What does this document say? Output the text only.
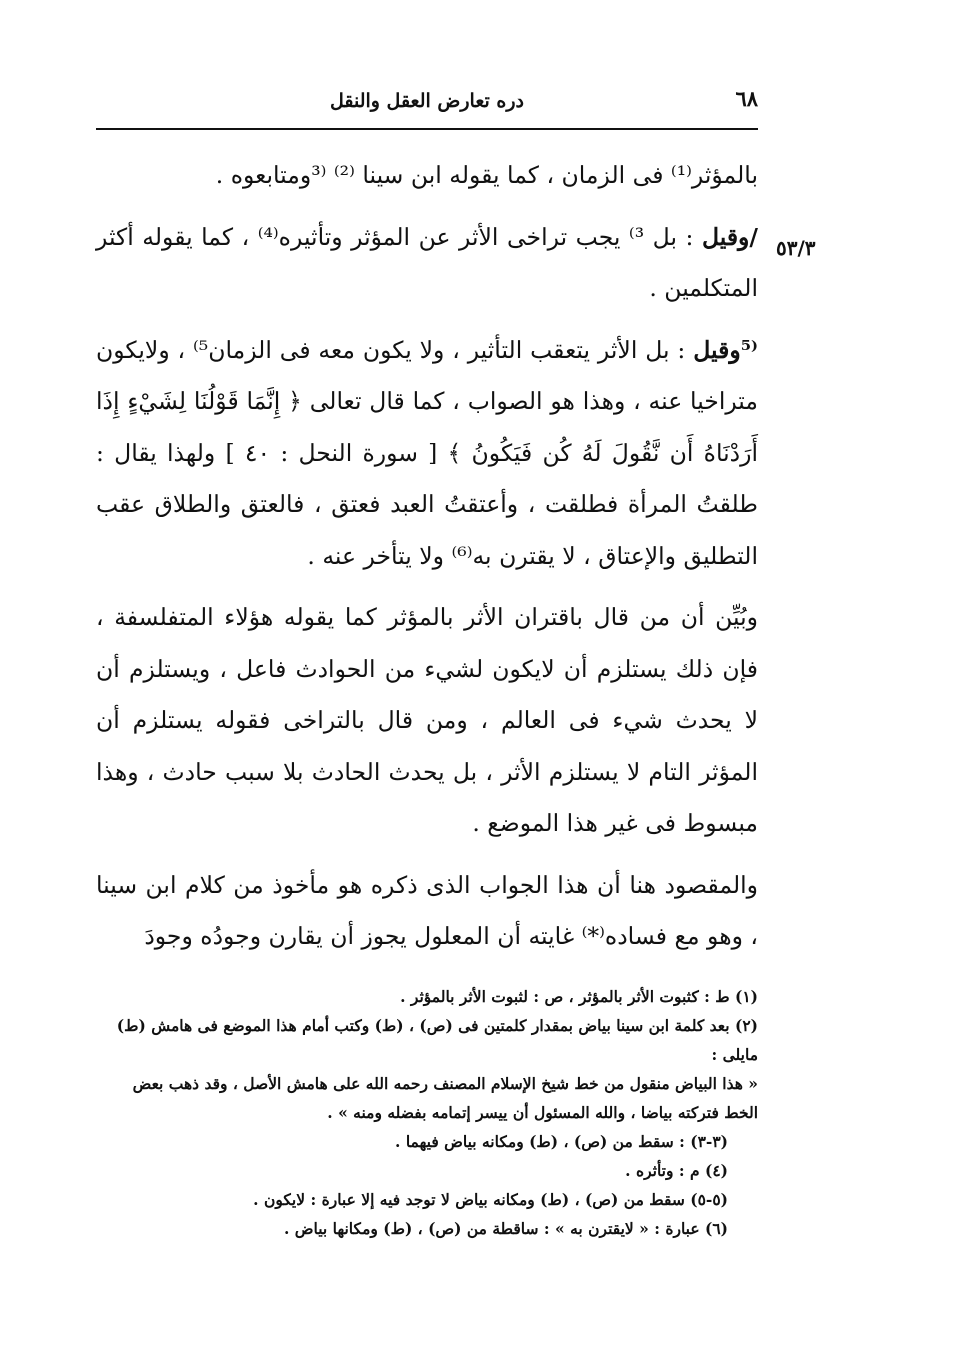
٦٨
دره تعارض العقل والنقل
٥٣/٣

بالمؤثر⁽¹⁾ فى الزمان ، كما يقوله ابن سينا ⁽²⁾ ⁽³ومتابعوه .

/وقيل : بل ³⁾ يجب تراخى الأثر عن المؤثر وتأثيره⁽⁴⁾ ، كما يقوله أكثر المتكلمين .

⁽⁵وقيل : بل الأثر يتعقب التأثير ، ولا يكون معه فى الزمان⁵⁾ ، ولايكون متراخيا عنه ، وهذا هو الصواب ، كما قال تعالى ﴿ إِنَّمَا قَوْلُنَا لِشَيْءٍ إِذَا أَرَدْنَاهُ أَن نَّقُولَ لَهُ كُن فَيَكُونُ ﴾ [ سورة النحل : ٤٠ ] ولهذا يقال : طلقتُ المرأة فطلقت ، وأعتقتُ العبد فعتق ، فالعتق والطلاق عقب التطليق والإعتاق ، لا يقترن به⁽⁶⁾ ولا يتأخر عنه .

وبُيِّن أن من قال باقتران الأثر بالمؤثر كما يقوله هؤلاء المتفلسفة ، فإن ذلك يستلزم أن لايكون لشيء من الحوادث فاعل ، ويستلزم أن لا يحدث شيء فى العالم ، ومن قال بالتراخى فقوله يستلزم أن المؤثر التام لا يستلزم الأثر ، بل يحدث الحادث بلا سبب حادث ، وهذا مبسوط فى غير هذا الموضع .

والمقصود هنا أن هذا الجواب الذى ذكره هو مأخوذ من كلام ابن سينا ، وهو مع فساده⁽*⁾ غايته أن المعلول يجوز أن يقارن وجودُه وجودَ

(١) ط : كثبوت الأثر بالمؤثر ، ص : لثبوت الأثر بالمؤثر .
(٢) بعد كلمة ابن سينا بياض بمقدار كلمتين فى (ص) ، (ط) وكتب أمام هذا الموضع فى هامش (ط) مايلى :
« هذا البياض منقول من خط شيخ الإسلام المصنف رحمه الله على هامش الأصل ، وقد ذهب بعض الخط فتركته بياضا ، والله المسئول أن ييسر إتمامه بفضله ومنه » .
(٣-٣) : سقط من (ص) ، (ط) ومكانه بياض فيهما .
(٤) م : وتأثره .
(٥-٥) سقط من (ص) ، (ط) ومكانه بياض لا توجد فيه إلا عبارة : لايكون .
(٦) عبارة : « لايقترن به » : ساقطة من (ص) ، (ط) ومكانها بياض .
